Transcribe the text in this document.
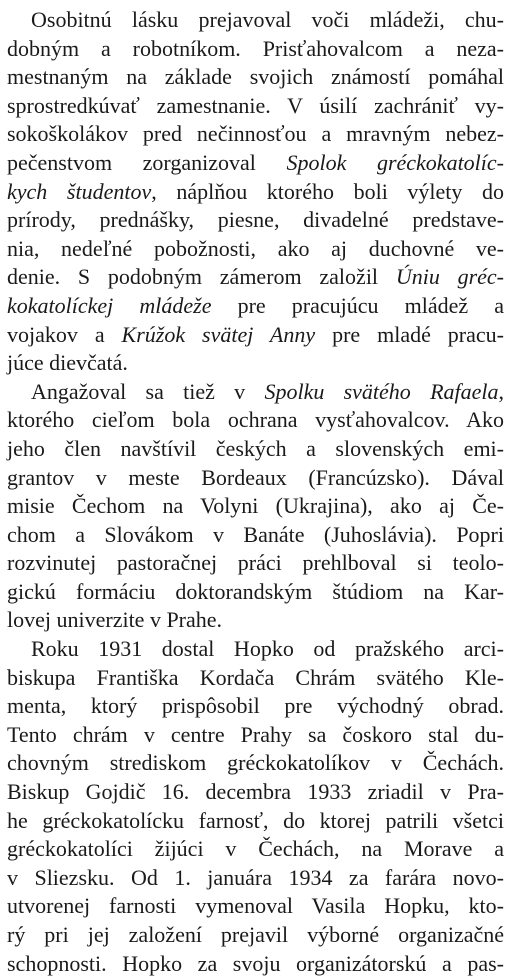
Osobitnú lásku prejavoval voči mládeži, chu-
dobným a robotníkom. Prisťahovalcom a neza-
mestnaným na základe svojich známostí pomáhal
sprostredkúvať zamestnanie. V úsilí zachrániť vy-
sokoškolákov pred nečinnosťou a mravným nebez-
pečenstvom zorganizoval Spolok gréckokatolíc-
kych študentov, náplňou ktorého boli výlety do
prírody, prednášky, piesne, divadelné predstave-
nia, nedeľné pobožnosti, ako aj duchovné ve-
denie. S podobným zámerom založil Úniu gréc-
kokatolíckej mládeže pre pracujúcu mládež a
vojakov a Krúžok svätej Anny pre mladé pracu-
júce dievčatá.
Angažoval sa tiež v Spolku svätého Rafaela,
ktorého cieľom bola ochrana vysťahovalcov. Ako
jeho člen navštívil českých a slovenských emi-
grantov v meste Bordeaux (Francúzsko). Dával
misie Čechom na Volyni (Ukrajina), ako aj Če-
chom a Slovákom v Banáte (Juhoslávia). Popri
rozvinutej pastoračnej práci prehlboval si teolo-
gickú formáciu doktorandským štúdiom na Kar-
lovej univerzite v Prahe.
Roku 1931 dostal Hopko od pražského arci-
biskupa Františka Kordača Chrám svätého Kle-
menta, ktorý prispôsobil pre východný obrad.
Tento chrám v centre Prahy sa čoskoro stal du-
chovným strediskom gréckokatolíkov v Čechách.
Biskup Gojdič 16. decembra 1933 zriadil v Pra-
he gréckokatolícku farnosť, do ktorej patrili všetci
gréckokatolíci žijúci v Čechách, na Morave a
v Sliezsku. Od 1. januára 1934 za farára novo-
utvorenej farnosti vymenoval Vasila Hopku, kto-
rý pri jej založení prejavil výborné organizačné
schopnosti. Hopko za svoju organizátorskú a pas-
